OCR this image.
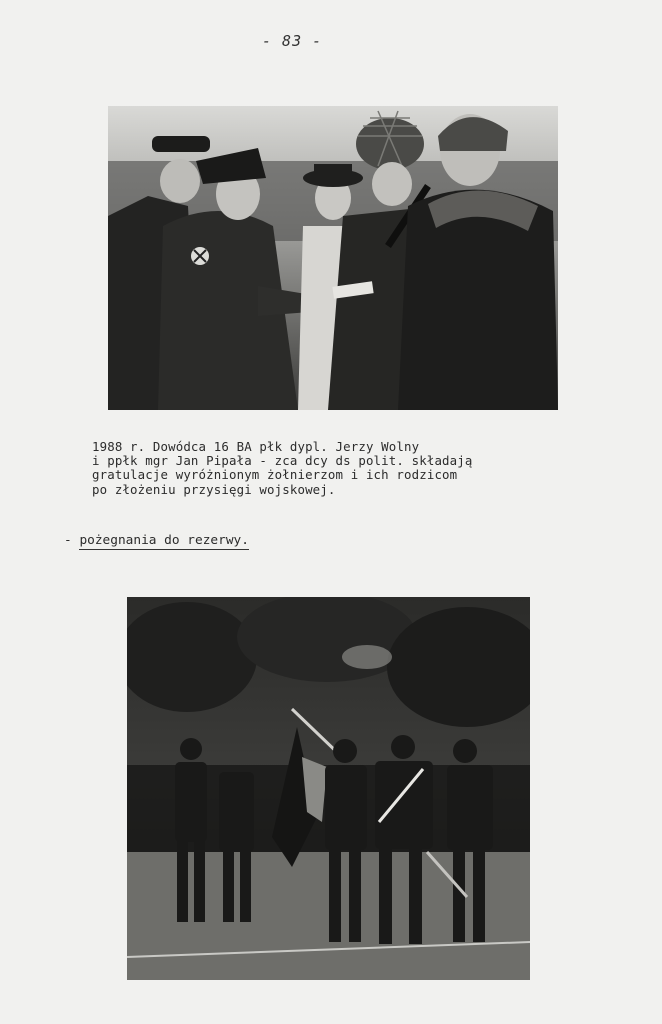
- 83 -
1988 r. Dowódca 16 BA płk dypl. Jerzy Wolny
i ppłk mgr Jan Pipała - zca dcy ds polit. składają
gratulacje wyróżnionym żołnierzom i ich rodzicom
po złożeniu przysięgi wojskowej.
- pożegnania do rezerwy.
